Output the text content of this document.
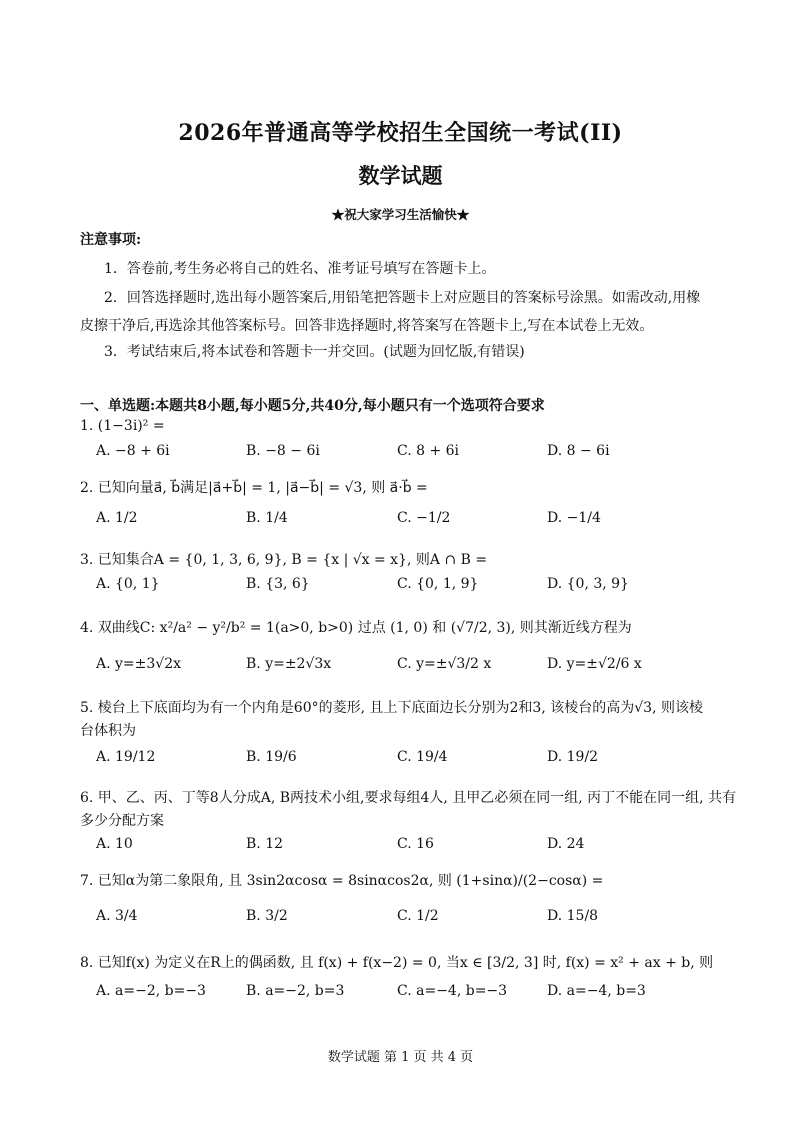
2026年普通高等学校招生全国统一考试(II)
数学试题
★祝大家学习生活愉快★
注意事项:
1．答卷前,考生务必将自己的姓名、准考证号填写在答题卡上。
2．回答选择题时,选出每小题答案后,用铅笔把答题卡上对应题目的答案标号涂黑。如需改动,用橡
皮擦干净后,再选涂其他答案标号。回答非选择题时,将答案写在答题卡上,写在本试卷上无效。
3．考试结束后,将本试卷和答题卡一并交回。(试题为回忆版,有错误)
一、单选题:本题共8小题,每小题5分,共40分,每小题只有一个选项符合要求
1. (1−3i)² =
A. −8 + 6i	B. −8 − 6i	C. 8 + 6i	D. 8 − 6i
2. 已知向量a⃗, b⃗满足|a⃗+b⃗| = 1, |a⃗−b⃗| = √3, 则 a⃗·b⃗ =
A. 1/2	B. 1/4	C. −1/2	D. −1/4
3. 已知集合A = {0, 1, 3, 6, 9}, B = {x | √x = x}, 则A ∩ B =
A. {0, 1}	B. {3, 6}	C. {0, 1, 9}	D. {0, 3, 9}
4. 双曲线C: x²/a² − y²/b² = 1(a>0, b>0) 过点 (1, 0) 和 (√7/2, 3), 则其渐近线方程为
A. y=±3√2x	B. y=±2√3x	C. y=±√3/2 x	D. y=±√2/6 x
5. 棱台上下底面均为有一个内角是60°的菱形, 且上下底面边长分别为2和3, 该棱台的高为√3, 则该棱
台体积为
A. 19/12	B. 19/6	C. 19/4	D. 19/2
6. 甲、乙、丙、丁等8人分成A, B两技术小组,要求每组4人, 且甲乙必须在同一组, 丙丁不能在同一组, 共有
多少分配方案
A. 10	B. 12	C. 16	D. 24
7. 已知α为第二象限角, 且 3sin2αcosα = 8sinαcos2α, 则 (1+sinα)/(2−cosα) =
A. 3/4	B. 3/2	C. 1/2	D. 15/8
8. 已知f(x) 为定义在R上的偶函数, 且 f(x) + f(x−2) = 0, 当x ∈ [3/2, 3] 时, f(x) = x² + ax + b, 则
A. a=−2, b=−3	B. a=−2, b=3	C. a=−4, b=−3	D. a=−4, b=3
数学试题 第 1 页 共 4 页
